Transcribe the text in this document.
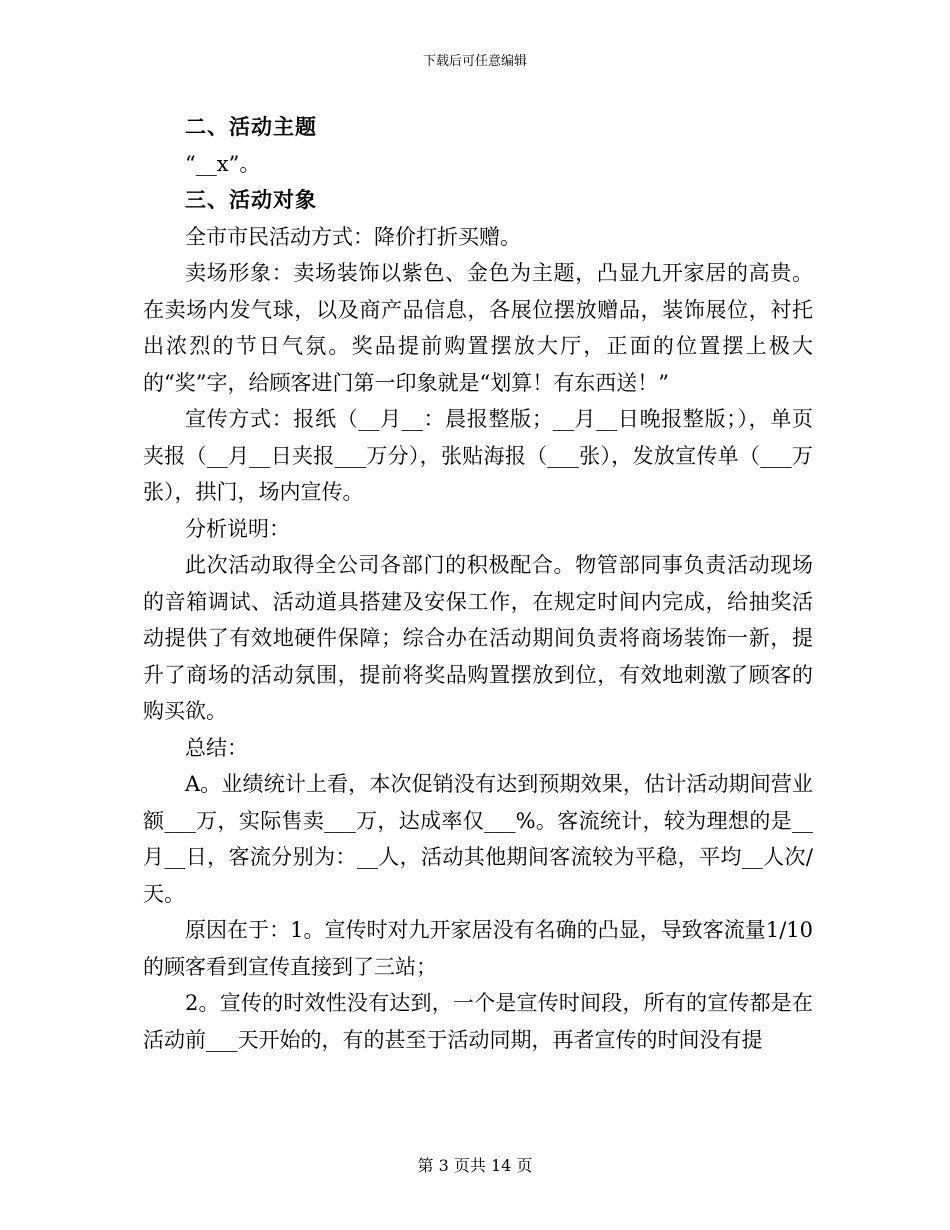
下载后可任意编辑

二、活动主题

“__x”。

三、活动对象

全市市民活动方式：降价打折买赠。

卖场形象：卖场装饰以紫色、金色为主题，凸显九开家居的高贵。在卖场内发气球，以及商产品信息，各展位摆放赠品，装饰展位，衬托出浓烈的节日气氛。奖品提前购置摆放大厅，正面的位置摆上极大的“奖”字，给顾客进门第一印象就是“划算！有东西送！”

宣传方式：报纸（__月__：晨报整版；__月__日晚报整版；），单页夹报（__月__日夹报___万分），张贴海报（___张），发放宣传单（___万张），拱门，场内宣传。

分析说明：

此次活动取得全公司各部门的积极配合。物管部同事负责活动现场的音箱调试、活动道具搭建及安保工作，在规定时间内完成，给抽奖活动提供了有效地硬件保障；综合办在活动期间负责将商场装饰一新，提升了商场的活动氛围，提前将奖品购置摆放到位，有效地刺激了顾客的购买欲。

总结：

A。业绩统计上看，本次促销没有达到预期效果，估计活动期间营业额___万，实际售卖___万，达成率仅___%。客流统计，较为理想的是__月__日，客流分别为：__人，活动其他期间客流较为平稳，平均__人次/天。

原因在于：1。宣传时对九开家居没有名确的凸显，导致客流量1/10的顾客看到宣传直接到了三站；

2。宣传的时效性没有达到，一个是宣传时间段，所有的宣传都是在活动前___天开始的，有的甚至于活动同期，再者宣传的时间没有提

第 3 页共 14 页
